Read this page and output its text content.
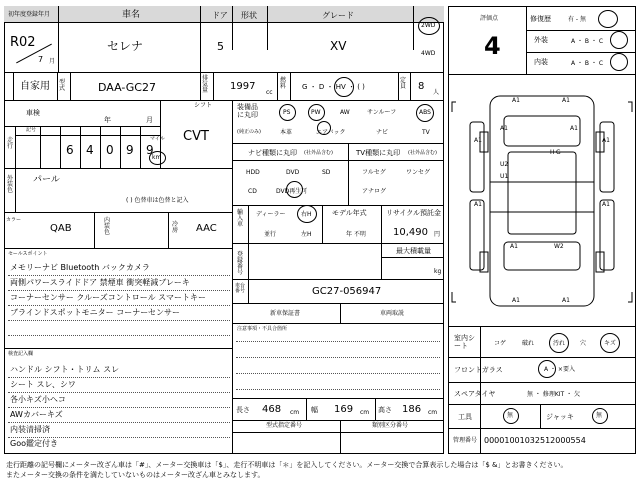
初年度登録年月	車名	ドア 形状	グレード
R02
7 月
セレナ	5	XV
2WD
4WD
自家用 型式	DAA-GC27
排気量 1997
cc
燃料	G ・ D ・ HV ・ ( )
定員 8
人
車検
年	月
シフト
CVT
走行
記号
6 4 0 9 9
マイル
km
外装色
パール
( ) 色替車は色替と記入
カラー
QAB
内装色
冷房 AAC
セールスポイント
メモリーナビ Bluetooth バックカメラ
両側パワースライドドア 禁煙車 衝突軽減ブレーキ
コーナーセンサー クルーズコントロール スマートキー
ブラインドスポットモニター コーナーセンサー
検査記入欄
ハンドル シフト・トリム スレ
シート スレ、シワ
各小キズ小ヘコ
AWカバーキズ
内装清掃済
Goo鑑定付き
装備品に丸印
(純正のみ)
PS	PW	AW	サンルーフ	ABS
本革	エアバック	ナビ	TV
ナビ種類に丸印 (社外品含む)	TV種類に丸印 (社外品含む)
HDD	DVD	SD
CD	DVD再生可
フルセグ	ワンセグ
アナログ
輸入車
ディーラー
並行
右H
左H
モデル年式
年 不明
リサイクル預託金
10,490 円
登録番号
最大積載量
kg
車台番号	GC27-056947
新車保証書	車両取説
注意事項・不具合箇所
長さ 468 cm 幅 169 cm 高さ 186 cm
型式指定番号	類別区分番号
評価点
4
修復歴	有 - 無
外装	A ・ B ・ C
内装	A ・ B ・ C
A1	A1
A1	A1
A1	A1
U2
U1
A1	A1
A1	W2
H G
A1	A1
室内シート	コゲ	破れ	汚れ 穴	キズ
フロントガラス	A ・ ×要入
スペアタイヤ	無 ・ 修理KIT ・ 欠
工具	無	ジャッキ	無
管理番号 00001001032512000554
走行距離の記号欄にメーター改ざん車は「#」、メーター交換車は「$」、走行不明車は「＊」を記入してください。メーター交換で合算表示した場合は「$ &」とお書きください。
またメーター交換の条件を満たしていないものはメーター改ざん車とみなします。
